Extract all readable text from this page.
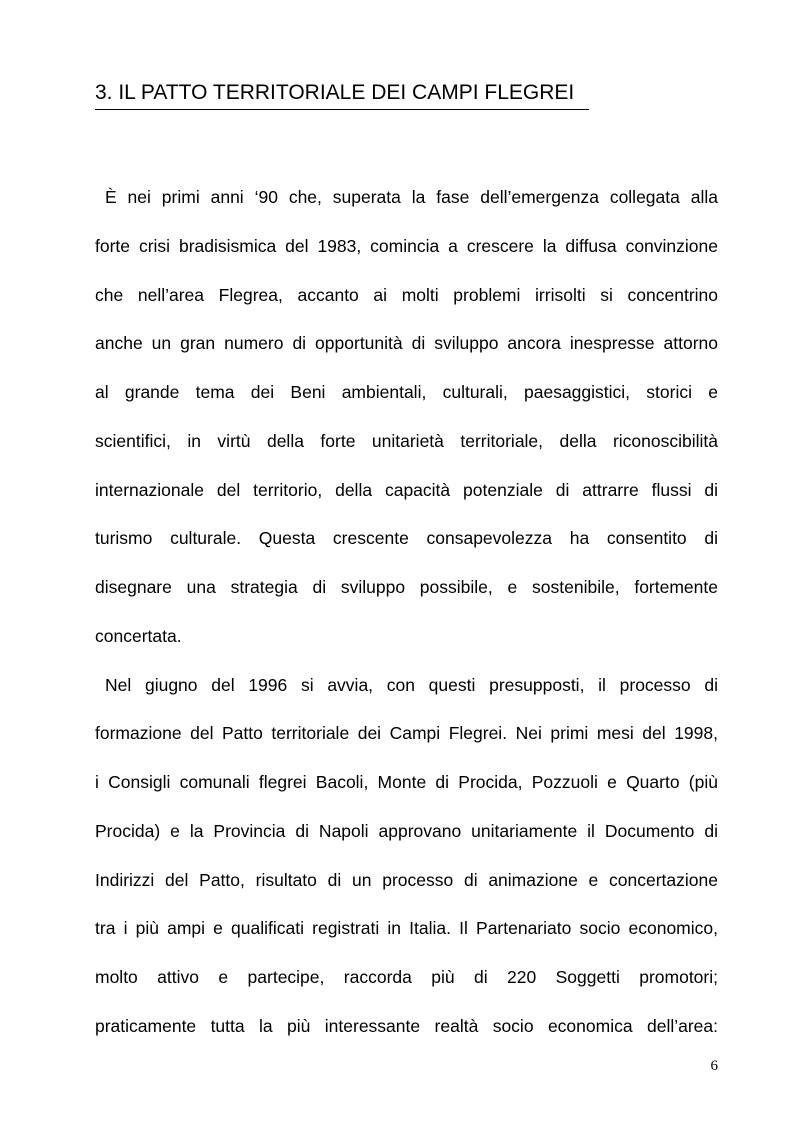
3. IL PATTO TERRITORIALE DEI CAMPI FLEGREI
È nei primi anni ‘90 che, superata la fase dell’emergenza collegata alla
forte crisi bradisismica del 1983, comincia a crescere la diffusa convinzione
che nell’area Flegrea, accanto ai molti problemi irrisolti si concentrino
anche un gran numero di opportunità di sviluppo ancora inespresse attorno
al grande tema dei Beni ambientali, culturali, paesaggistici, storici e
scientifici, in virtù della forte unitarietà territoriale, della riconoscibilità
internazionale del territorio, della capacità potenziale di attrarre flussi di
turismo culturale. Questa crescente consapevolezza ha consentito di
disegnare una strategia di sviluppo possibile, e sostenibile, fortemente
concertata.
Nel giugno del 1996 si avvia, con questi presupposti, il processo di
formazione del Patto territoriale dei Campi Flegrei. Nei primi mesi del 1998,
i Consigli comunali flegrei Bacoli, Monte di Procida, Pozzuoli e Quarto (più
Procida) e la Provincia di Napoli approvano unitariamente il Documento di
Indirizzi del Patto, risultato di un processo di animazione e concertazione
tra i più ampi e qualificati registrati in Italia. Il Partenariato socio economico,
molto attivo e partecipe, raccorda più di 220 Soggetti promotori;
praticamente tutta la più interessante realtà socio economica dell’area:
6
